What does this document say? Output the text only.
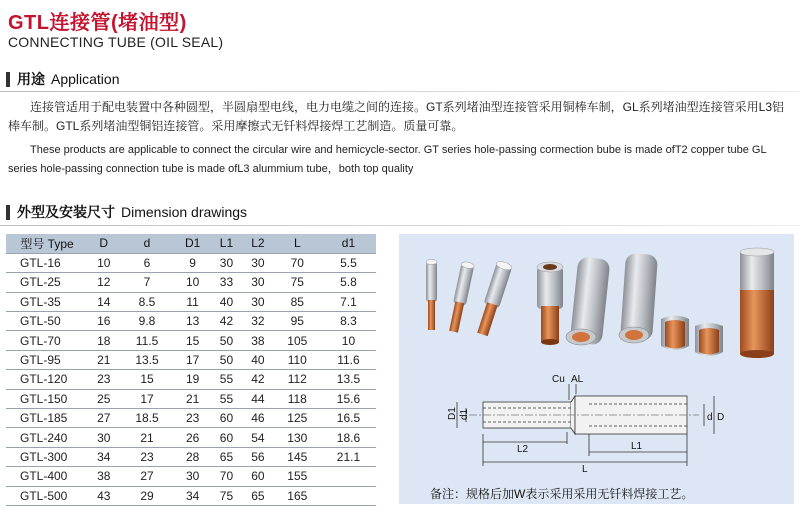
GTL连接管(堵油型)
CONNECTING TUBE (OIL SEAL)
用途 Application
连接管适用于配电装置中各种圆型，半圆扇型电线，电力电缆之间的连接。GT系列堵油型连接管采用铜棒车制，GL系列堵油型连接管采用L3铝棒车制。GTL系列堵油型铜铝连接管。采用摩擦式无钎料焊接焊工艺制造。质量可靠。
These products are applicable to connect the circular wire and hemicycle-sector. GT series hole-passing cormection bube is made ofT2 copper tube GL series hole-passing connection tube is made ofL3 alummium tube，both top quality
外型及安装尺寸 Dimension drawings
型号 Type	D	d	D1	L1	L2	L	d1
GTL-16	10	6	9	30	30	70	5.5
GTL-25	12	7	10	33	30	75	5.8
GTL-35	14	8.5	11	40	30	85	7.1
GTL-50	16	9.8	13	42	32	95	8.3
GTL-70	18	11.5	15	50	38	105	10
GTL-95	21	13.5	17	50	40	110	11.6
GTL-120	23	15	19	55	42	112	13.5
GTL-150	25	17	21	55	44	118	15.6
GTL-185	27	18.5	23	60	46	125	16.5
GTL-240	30	21	26	60	54	130	18.6
GTL-300	34	23	28	65	56	145	21.1
GTL-400	38	27	30	70	60	155	
GTL-500	43	29	34	75	65	165	
Cu AL
D1 d1	d D
L2	L1
L
备注：规格后加W表示采用采用无钎料焊接工艺。
